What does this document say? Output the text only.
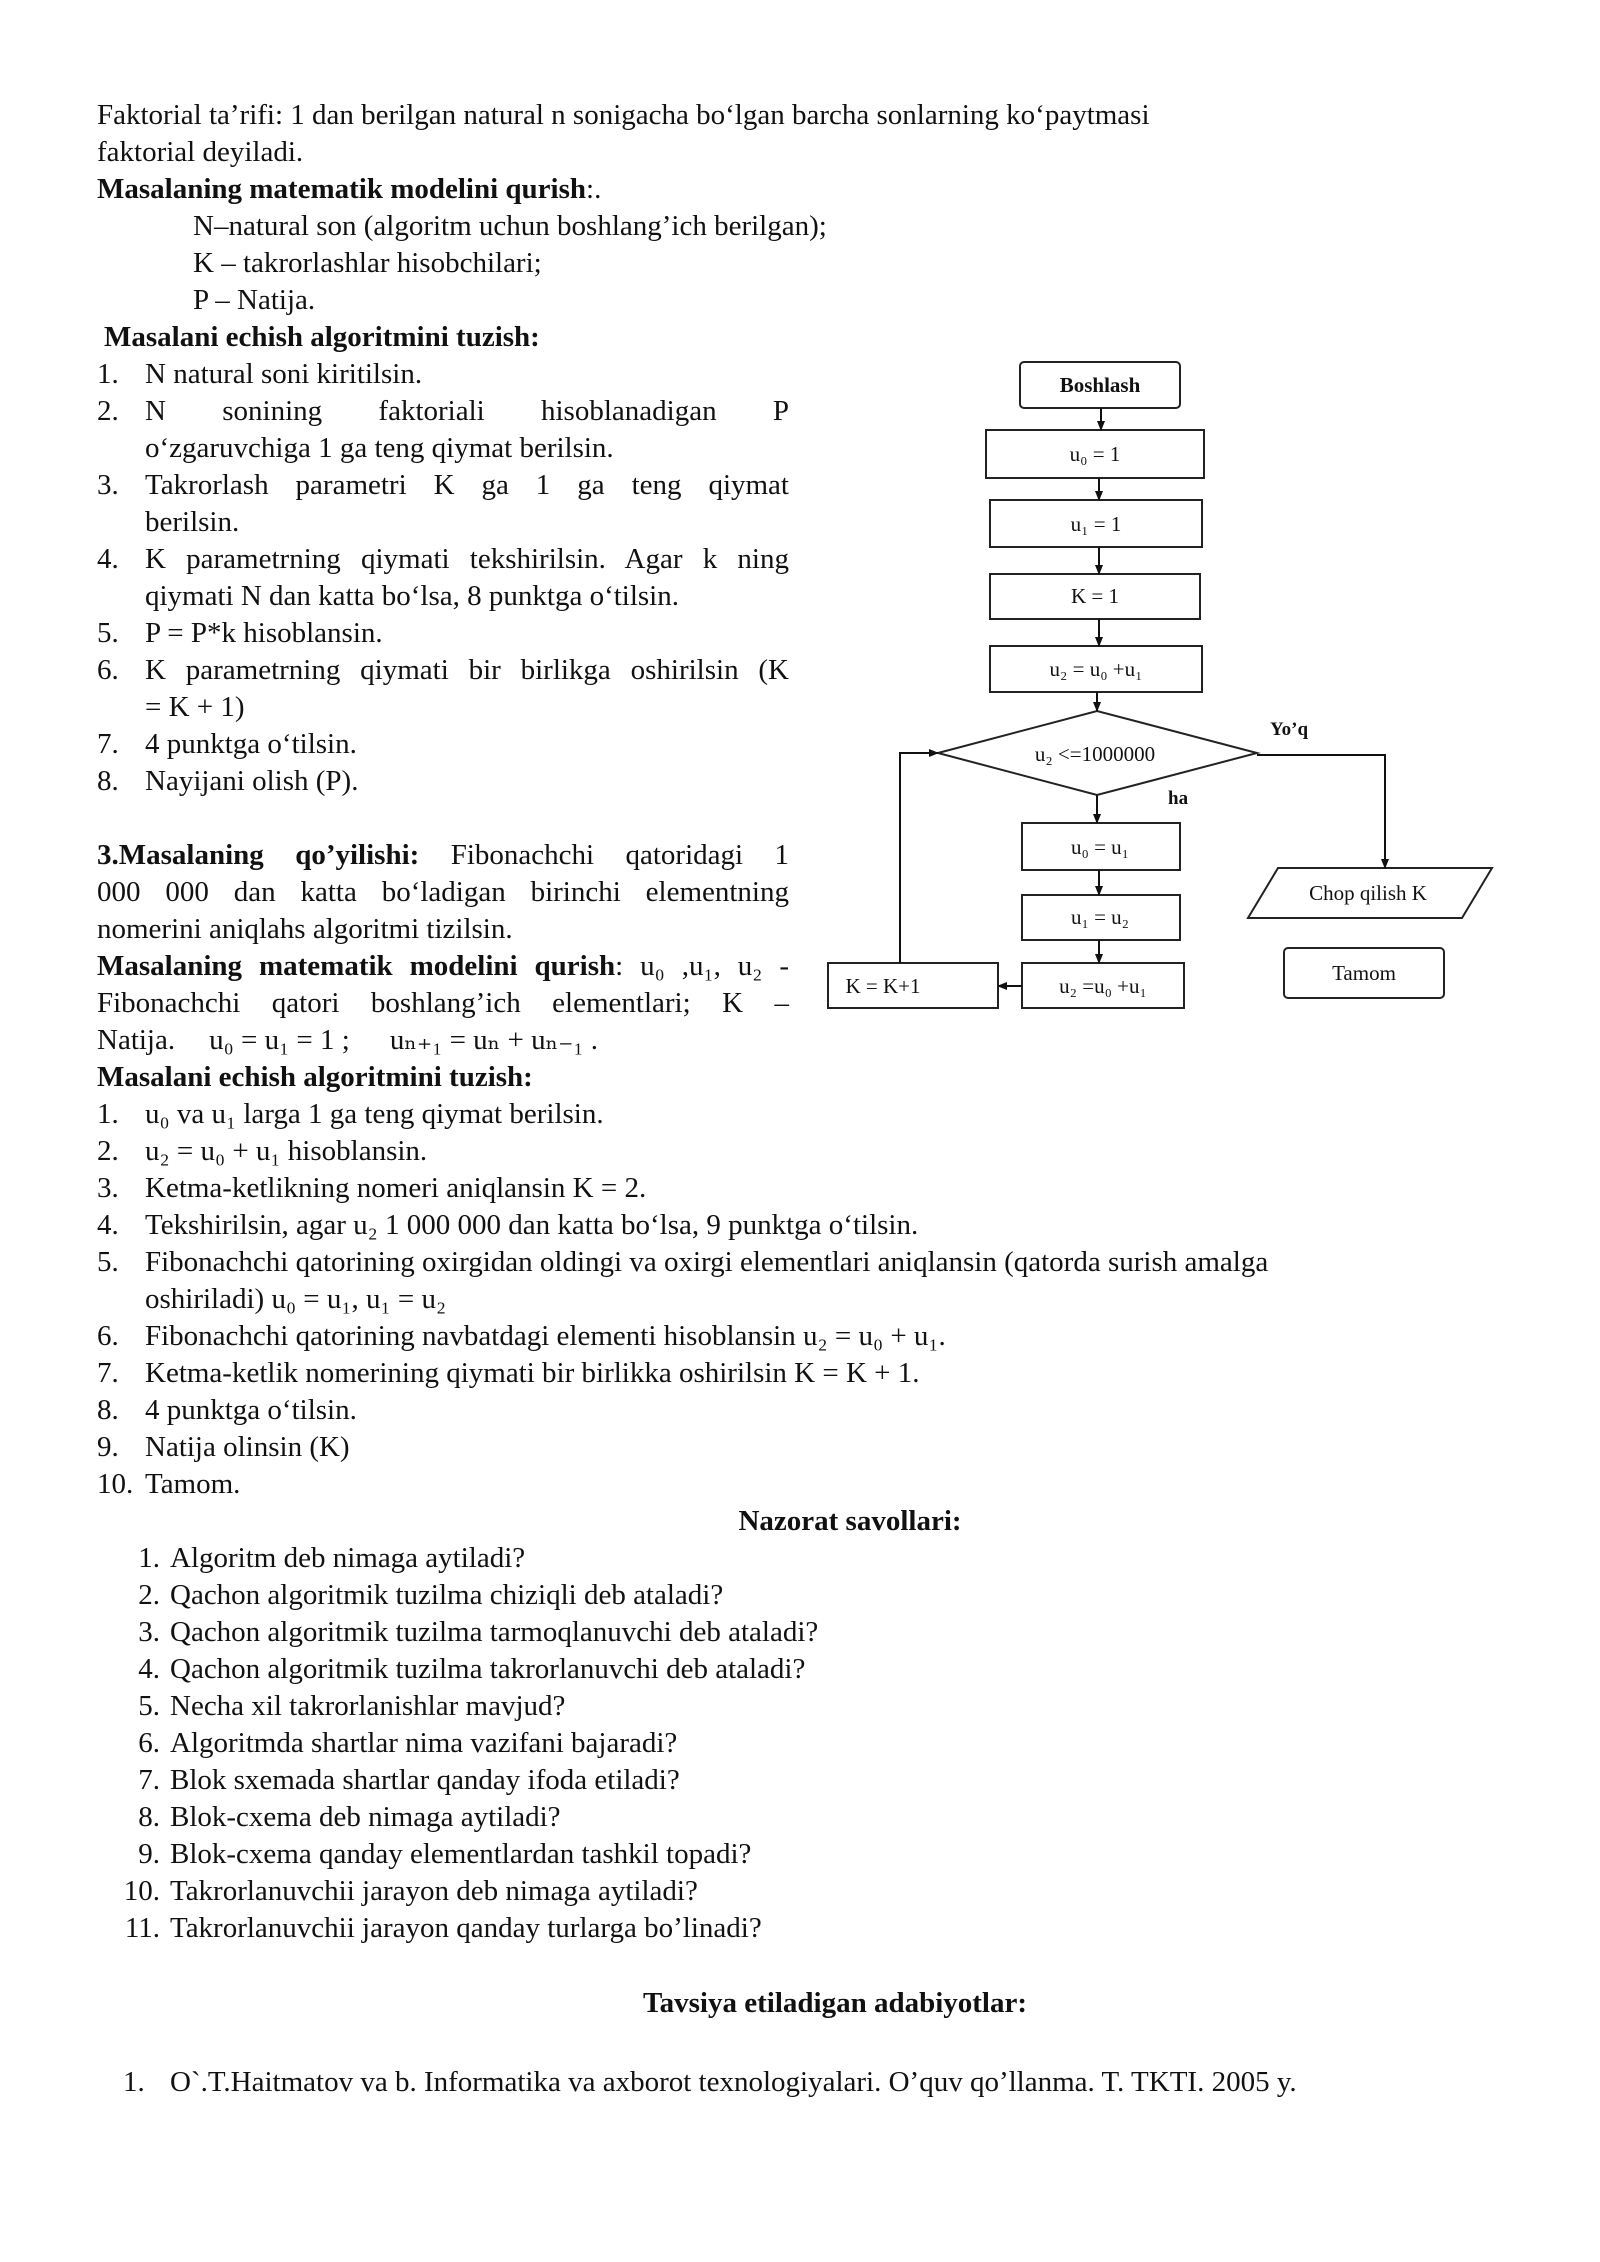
Faktorial ta’rifi: 1 dan berilgan natural n sonigacha bo‘lgan barcha sonlarning ko‘paytmasi
faktorial deyiladi.
Masalaning matematik modelini qurish:.
N–natural son (algoritm uchun boshlang’ich berilgan);
K – takrorlashlar hisobchilari;
P – Natija.
Masalani echish algoritmini tuzish:
1. N natural soni kiritilsin.
2. N sonining faktoriali hisoblanadigan P
o‘zgaruvchiga 1 ga teng qiymat berilsin.
3. Takrorlash parametri K ga 1 ga teng qiymat
berilsin.
4. K parametrning qiymati tekshirilsin. Agar k ning
qiymati N dan katta bo‘lsa, 8 punktga o‘tilsin.
5. P = P*k hisoblansin.
6. K parametrning qiymati bir birlikga oshirilsin (K
= K + 1)
7. 4 punktga o‘tilsin.
8. Nayijani olish (P).
3.Masalaning qo’yilishi: Fibonachchi qatoridagi 1
000 000 dan katta bo‘ladigan birinchi elementning
nomerini aniqlahs algoritmi tizilsin.
Masalaning matematik modelini qurish: u₀ ,u₁, u₂ -
Fibonachchi qatori boshlang’ich elementlari; K –
Natija. u₀ = u₁ = 1 ; uₙ₊₁ = uₙ + uₙ₋₁ .
Masalani echish algoritmini tuzish:
1. u₀ va u₁ larga 1 ga teng qiymat berilsin.
2. u₂ = u₀ + u₁ hisoblansin.
3. Ketma-ketlikning nomeri aniqlansin K = 2.
4. Tekshirilsin, agar u₂ 1 000 000 dan katta bo‘lsa, 9 punktga o‘tilsin.
5. Fibonachchi qatorining oxirgidan oldingi va oxirgi elementlari aniqlansin (qatorda surish amalga
oshiriladi) u₀ = u₁, u₁ = u₂
6. Fibonachchi qatorining navbatdagi elementi hisoblansin u₂ = u₀ + u₁.
7. Ketma-ketlik nomerining qiymati bir birlikka oshirilsin K = K + 1.
8. 4 punktga o‘tilsin.
9. Natija olinsin (K)
10. Tamom.
Nazorat savollari:
1. Algoritm deb nimaga aytiladi?
2. Qachon algoritmik tuzilma chiziqli deb ataladi?
3. Qachon algoritmik tuzilma tarmoqlanuvchi deb ataladi?
4. Qachon algoritmik tuzilma takrorlanuvchi deb ataladi?
5. Necha xil takrorlanishlar mavjud?
6. Algoritmda shartlar nima vazifani bajaradi?
7. Blok sxemada shartlar qanday ifoda etiladi?
8. Blok-cxema deb nimaga aytiladi?
9. Blok-cxema qanday elementlardan tashkil topadi?
10. Takrorlanuvchii jarayon deb nimaga aytiladi?
11. Takrorlanuvchii jarayon qanday turlarga bo’linadi?
Tavsiya etiladigan adabiyotlar:
1. O`.T.Haitmatov va b. Informatika va axborot texnologiyalari. O’quv qo’llanma. T. TKTI. 2005 y.
Boshlash
u₀ = 1
u₁ = 1
K = 1
u₂ = u₀ +u₁
u₂ <=1000000
Yo’q
ha
u₀ = u₁
u₁ = u₂
u₂ =u₀ +u₁
K = K+1
Chop qilish K
Tamom
